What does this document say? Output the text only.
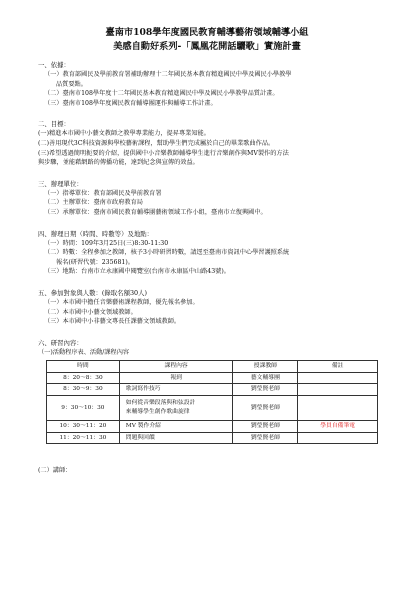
臺南市108學年度國民教育輔導藝術領域輔導小組

美感自動好系列-「鳳凰花開話驪歌」實施計畫

一、依據：

（一）教育部國民及學前教育署補助辦理十二年國民基本教育精進國民中學及國民小學教學

品質要點。

（二）臺南市108學年度十二年國民基本教育精進國民中學及國民小學教學品質計畫。

（三）臺南市108學年度國民教育輔導團運作與輔導工作計畫。

二、目標：

(一)精進本市國中小藝文教師之教學專業能力，提昇專業知能。

(二)善用現代3C科技資源與學校藝術課程，幫助學生們完成屬於自己的畢業歌曲作品。

(三)希望透過簡明扼要的介紹，提供國中小音樂教師輔導學生進行音樂創作與MV製作的方法

與步驟，並能藉網路的傳播功能，達到紀念與宣傳的效益。

三、辦理單位：

（一）指導單位：教育部國民及學前教育署

（二）主辦單位：臺南市政府教育局

（三）承辦單位：臺南市國民教育輔導團藝術領域工作小組，臺南市立復興國中。

四、辦理日期（時間、時數等）及地點：

（一）時間：109年3月25日(三)8:30-11:30

（二）時數：全程參加之教師，核予3小時研習時數，請逕至臺南市資訊中心學習護照系統

報名(研習代號：235681)。

（三）地點：台南市立永康國中閱覽室(台南市永康區中山路43號)。

五、參加對象與人數：(錄取名額30人)

（一）本市國中擔任音樂藝術課程教師，優先報名參加。

（二）本市國中小藝文領域教師。

（三）本市國中小非藝文專長任課藝文領域教師。

六、研習內容：

（一)活動程序表、活動/課程內容

時間	課程內容	授課教師	備註
8：20～8：30	報到	藝文輔導團	
8：30～9：30	歌詞寫作技巧	劉瑩賢老師	
9：30～10：30	如何從音樂段落與和弦設計
來輔導學生創作歌曲旋律	劉瑩賢老師	
10：30～11：20	MV 製作介紹	劉瑩賢老師	學員自備筆電
11：20～11：30	問題與回饋	劉瑩賢老師	

(二）講師：
